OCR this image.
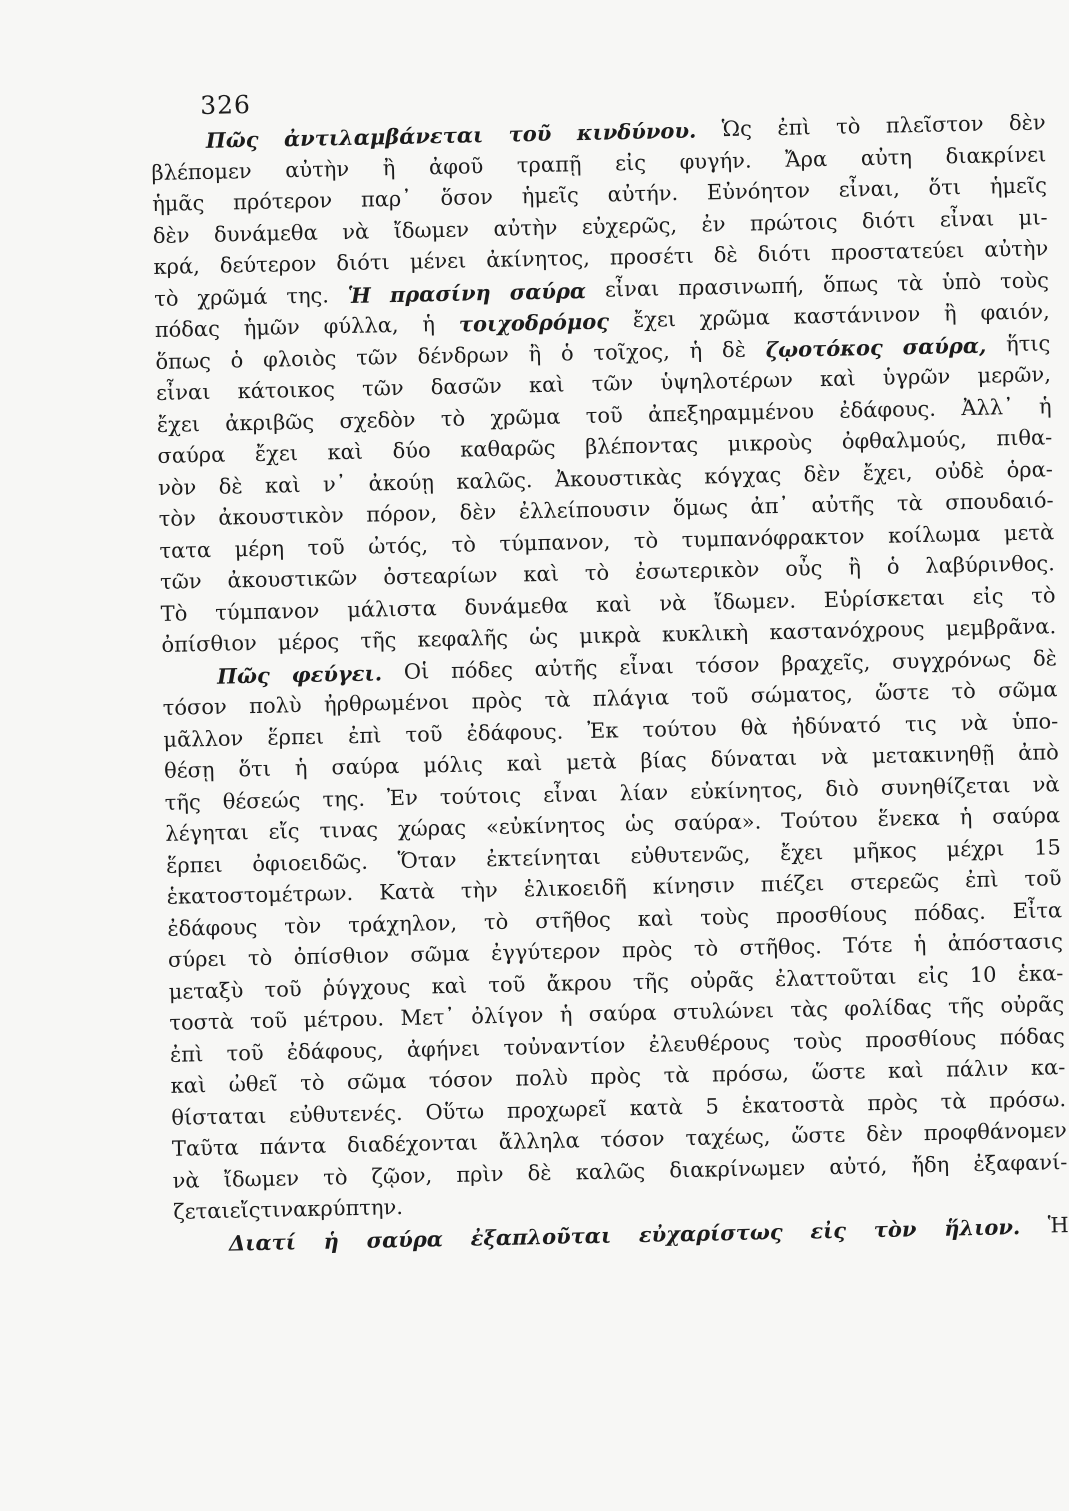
326
Πῶς ἀντιλαμβάνεται τοῦ κινδύνου. Ὡς ἐπὶ τὸ πλεῖστον δὲν
βλέπομεν αὐτὴν ἢ ἀφοῦ τραπῇ εἰς φυγήν. Ἄρα αὐτη διακρίνει
ἡμᾶς πρότερον παρ᾽ ὅσον ἡμεῖς αὐτήν. Εὐνόητον εἶναι, ὅτι ἡμεῖς
δὲν δυνάμεθα νὰ ἴδωμεν αὐτὴν εὐχερῶς, ἐν πρώτοις διότι εἶναι μι-
κρά, δεύτερον διότι μένει ἀκίνητος, προσέτι δὲ διότι προστατεύει αὐτὴν
τὸ χρῶμά της. Ἡ πρασίνη σαύρα εἶναι πρασινωπή, ὅπως τὰ ὑπὸ τοὺς
πόδας ἡμῶν φύλλα, ἡ τοιχοδρόμος ἔχει χρῶμα καστάνινον ἢ φαιόν,
ὅπως ὁ φλοιὸς τῶν δένδρων ἢ ὁ τοῖχος, ἡ δὲ ζῳοτόκος σαύρα, ἥτις
εἶναι κάτοικος τῶν δασῶν καὶ τῶν ὑψηλοτέρων καὶ ὑγρῶν μερῶν,
ἔχει ἀκριβῶς σχεδὸν τὸ χρῶμα τοῦ ἀπεξηραμμένου ἐδάφους. Ἀλλ᾽ ἡ
σαύρα ἔχει καὶ δύο καθαρῶς βλέποντας μικροὺς ὀφθαλμούς, πιθα-
νὸν δὲ καὶ ν᾽ ἀκούῃ καλῶς. Ἀκουστικὰς κόγχας δὲν ἔχει, οὐδὲ ὁρα-
τὸν ἀκουστικὸν πόρον, δὲν ἐλλείπουσιν ὅμως ἀπ᾽ αὐτῆς τὰ σπουδαιό-
τατα μέρη τοῦ ὠτός, τὸ τύμπανον, τὸ τυμπανόφρακτον κοίλωμα μετὰ
τῶν ἀκουστικῶν ὀστεαρίων καὶ τὸ ἐσωτερικὸν οὖς ἢ ὁ λαβύρινθος.
Τὸ τύμπανον μάλιστα δυνάμεθα καὶ νὰ ἴδωμεν. Εὑρίσκεται εἰς τὸ
ὀπίσθιον μέρος τῆς κεφαλῆς ὡς μικρὰ κυκλικὴ καστανόχρους μεμβρᾶνα.
Πῶς φεύγει. Οἱ πόδες αὐτῆς εἶναι τόσον βραχεῖς, συγχρόνως δὲ
τόσον πολὺ ἠρθρωμένοι πρὸς τὰ πλάγια τοῦ σώματος, ὥστε τὸ σῶμα
μᾶλλον ἕρπει ἐπὶ τοῦ ἐδάφους. Ἐκ τούτου θὰ ἠδύνατό τις νὰ ὑπο-
θέσῃ ὅτι ἡ σαύρα μόλις καὶ μετὰ βίας δύναται νὰ μετακινηθῇ ἀπὸ
τῆς θέσεώς της. Ἐν τούτοις εἶναι λίαν εὐκίνητος, διὸ συνηθίζεται νὰ
λέγηται εἴς τινας χώρας «εὐκίνητος ὡς σαύρα». Τούτου ἕνεκα ἡ σαύρα
ἕρπει ὀφιοειδῶς. Ὅταν ἐκτείνηται εὐθυτενῶς, ἔχει μῆκος μέχρι 15
ἑκατοστομέτρων. Κατὰ τὴν ἑλικοειδῆ κίνησιν πιέζει στερεῶς ἐπὶ τοῦ
ἐδάφους τὸν τράχηλον, τὸ στῆθος καὶ τοὺς προσθίους πόδας. Εἶτα
σύρει τὸ ὀπίσθιον σῶμα ἐγγύτερον πρὸς τὸ στῆθος. Τότε ἡ ἀπόστασις
μεταξὺ τοῦ ῥύγχους καὶ τοῦ ἄκρου τῆς οὐρᾶς ἐλαττοῦται εἰς 10 ἑκα-
τοστὰ τοῦ μέτρου. Μετ᾽ ὀλίγον ἡ σαύρα στυλώνει τὰς φολίδας τῆς οὐρᾶς
ἐπὶ τοῦ ἐδάφους, ἀφήνει τοὐναντίον ἐλευθέρους τοὺς προσθίους πόδας
καὶ ὠθεῖ τὸ σῶμα τόσον πολὺ πρὸς τὰ πρόσω, ὥστε καὶ πάλιν κα-
θίσταται εὐθυτενές. Οὕτω προχωρεῖ κατὰ 5 ἑκατοστὰ πρὸς τὰ πρόσω.
Ταῦτα πάντα διαδέχονται ἄλληλα τόσον ταχέως, ὥστε δὲν προφθάνομεν
νὰ ἴδωμεν τὸ ζῷον, πρὶν δὲ καλῶς διακρίνωμεν αὐτό, ἤδη ἐξαφανί-
ζεται εἴς τινα κρύπτην.
Διατί ἡ σαύρα ἐξαπλοῦται εὐχαρίστως εἰς τὸν ἥλιον. Ἡ
